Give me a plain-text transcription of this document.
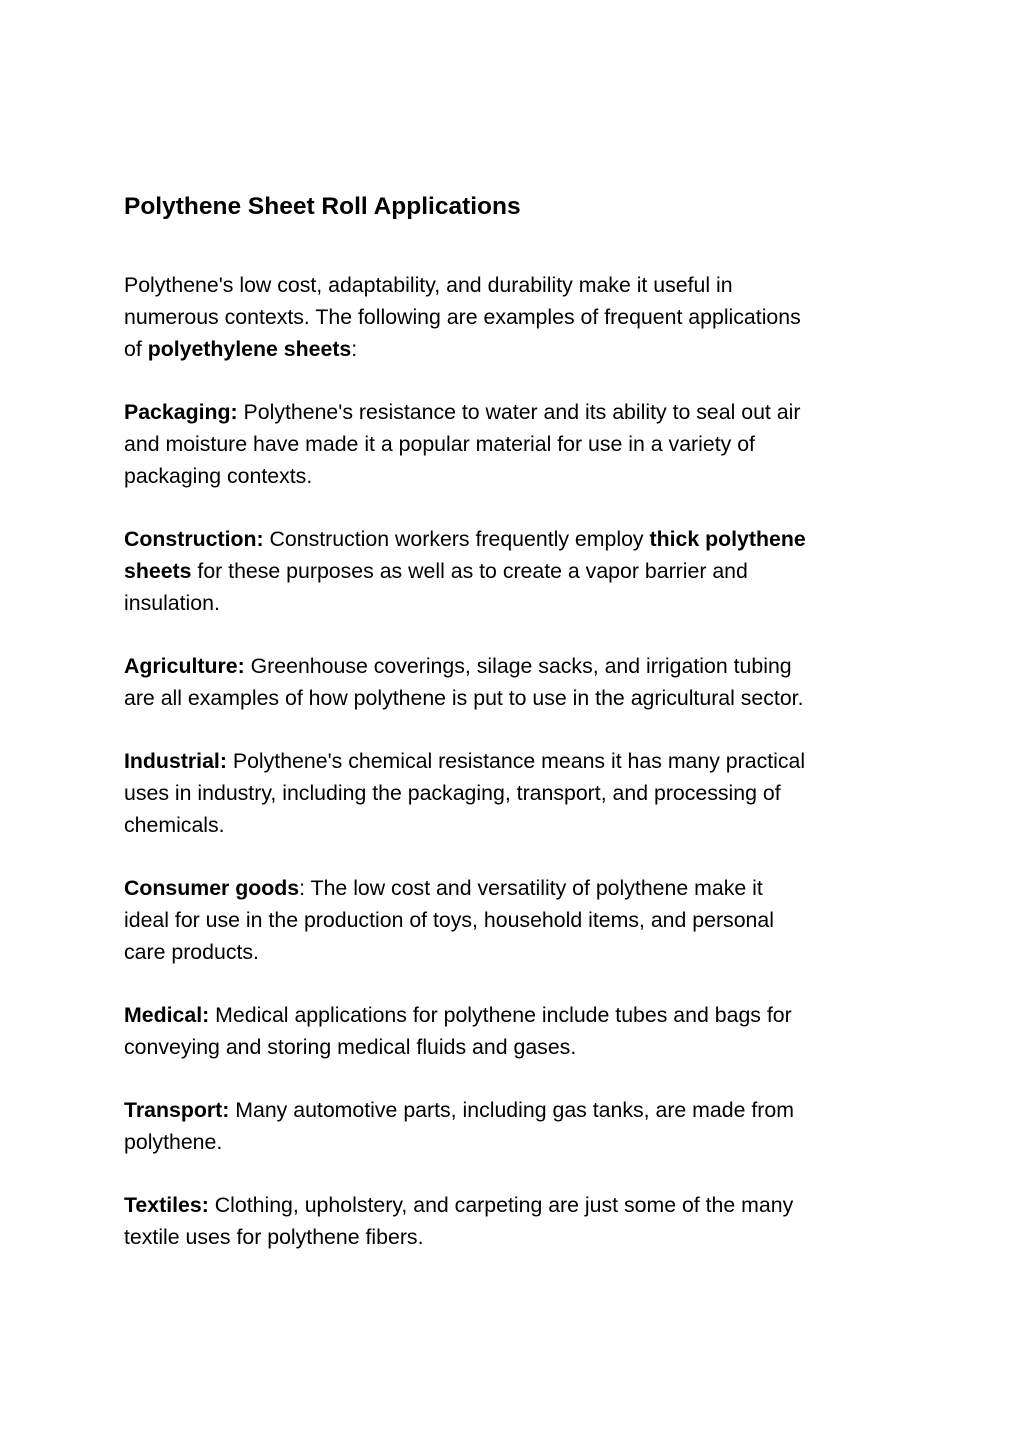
Polythene Sheet Roll Applications

Polythene's low cost, adaptability, and durability make it useful in
numerous contexts. The following are examples of frequent applications
of polyethylene sheets:

Packaging: Polythene's resistance to water and its ability to seal out air
and moisture have made it a popular material for use in a variety of
packaging contexts.

Construction: Construction workers frequently employ thick polythene
sheets for these purposes as well as to create a vapor barrier and
insulation.

Agriculture: Greenhouse coverings, silage sacks, and irrigation tubing
are all examples of how polythene is put to use in the agricultural sector.

Industrial: Polythene's chemical resistance means it has many practical
uses in industry, including the packaging, transport, and processing of
chemicals.

Consumer goods: The low cost and versatility of polythene make it
ideal for use in the production of toys, household items, and personal
care products.

Medical: Medical applications for polythene include tubes and bags for
conveying and storing medical fluids and gases.

Transport: Many automotive parts, including gas tanks, are made from
polythene.

Textiles: Clothing, upholstery, and carpeting are just some of the many
textile uses for polythene fibers.
